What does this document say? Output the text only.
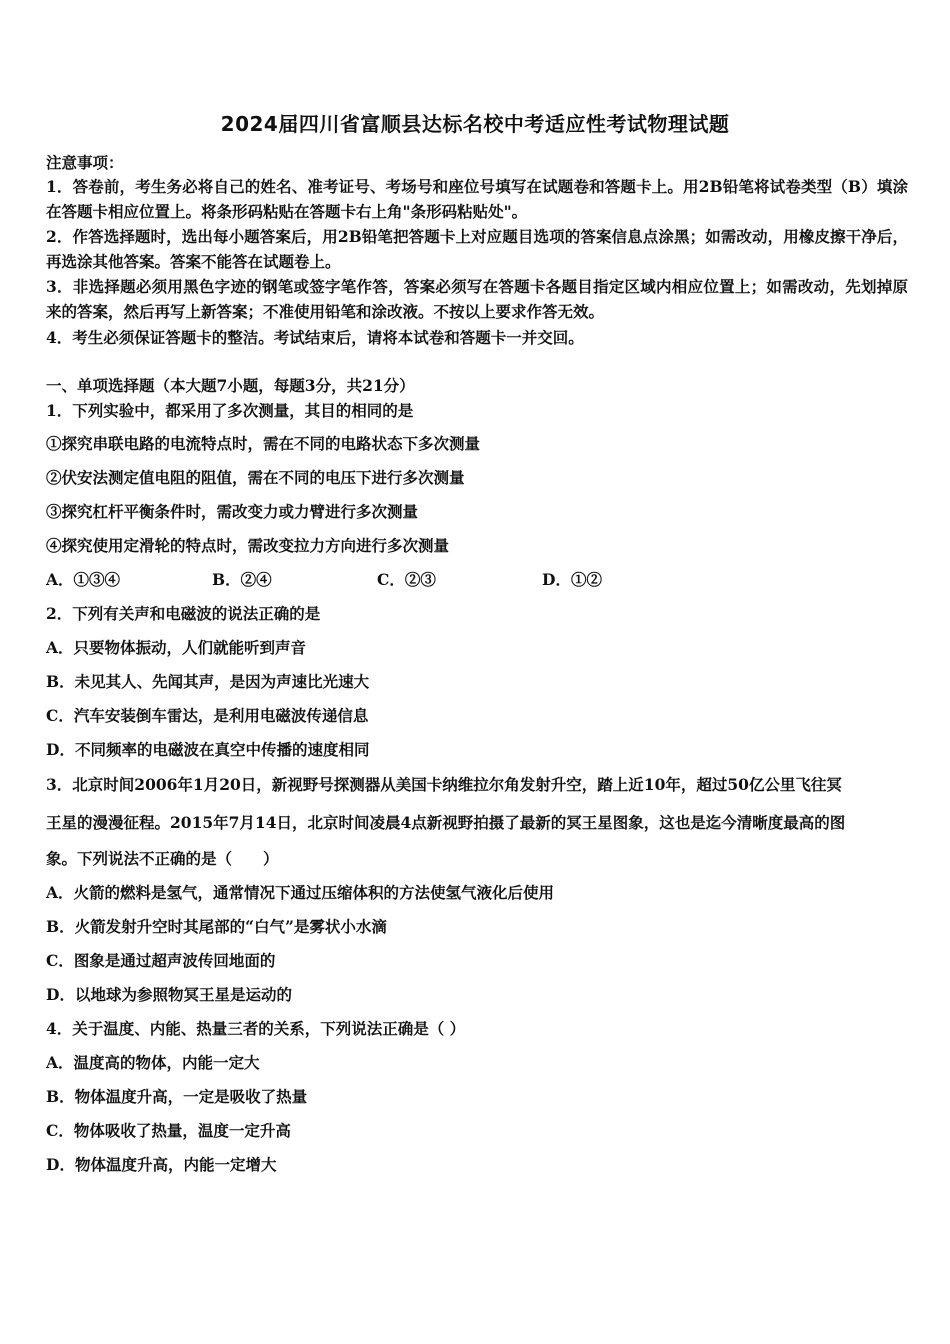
2024届四川省富顺县达标名校中考适应性考试物理试题
注意事项：
1．答卷前，考生务必将自己的姓名、准考证号、考场号和座位号填写在试题卷和答题卡上。用2B铅笔将试卷类型（B）填涂在答题卡相应位置上。将条形码粘贴在答题卡右上角"条形码粘贴处"。
2．作答选择题时，选出每小题答案后，用2B铅笔把答题卡上对应题目选项的答案信息点涂黑；如需改动，用橡皮擦干净后，再选涂其他答案。答案不能答在试题卷上。
3．非选择题必须用黑色字迹的钢笔或签字笔作答，答案必须写在答题卡各题目指定区域内相应位置上；如需改动，先划掉原来的答案，然后再写上新答案；不准使用铅笔和涂改液。不按以上要求作答无效。
4．考生必须保证答题卡的整洁。考试结束后，请将本试卷和答题卡一并交回。
一、单项选择题（本大题7小题，每题3分，共21分）
1．下列实验中，都采用了多次测量，其目的相同的是
①探究串联电路的电流特点时，需在不同的电路状态下多次测量
②伏安法测定值电阻的阻值，需在不同的电压下进行多次测量
③探究杠杆平衡条件时，需改变力或力臂进行多次测量
④探究使用定滑轮的特点时，需改变拉力方向进行多次测量
A．①③④	B．②④	C．②③	D．①②
2．下列有关声和电磁波的说法正确的是
A．只要物体振动，人们就能听到声音
B．未见其人、先闻其声，是因为声速比光速大
C．汽车安装倒车雷达，是利用电磁波传递信息
D．不同频率的电磁波在真空中传播的速度相同
3．北京时间2006年1月20日，新视野号探测器从美国卡纳维拉尔角发射升空，踏上近10年，超过50亿公里飞往冥
王星的漫漫征程。2015年7月14日，北京时间凌晨4点新视野拍摄了最新的冥王星图象，这也是迄今清晰度最高的图
象。下列说法不正确的是（　　）
A．火箭的燃料是氢气，通常情况下通过压缩体积的方法使氢气液化后使用
B．火箭发射升空时其尾部的“白气”是雾状小水滴
C．图象是通过超声波传回地面的
D．以地球为参照物冥王星是运动的
4．关于温度、内能、热量三者的关系，下列说法正确是（ ）
A．温度高的物体，内能一定大
B．物体温度升高，一定是吸收了热量
C．物体吸收了热量，温度一定升高
D．物体温度升高，内能一定增大
